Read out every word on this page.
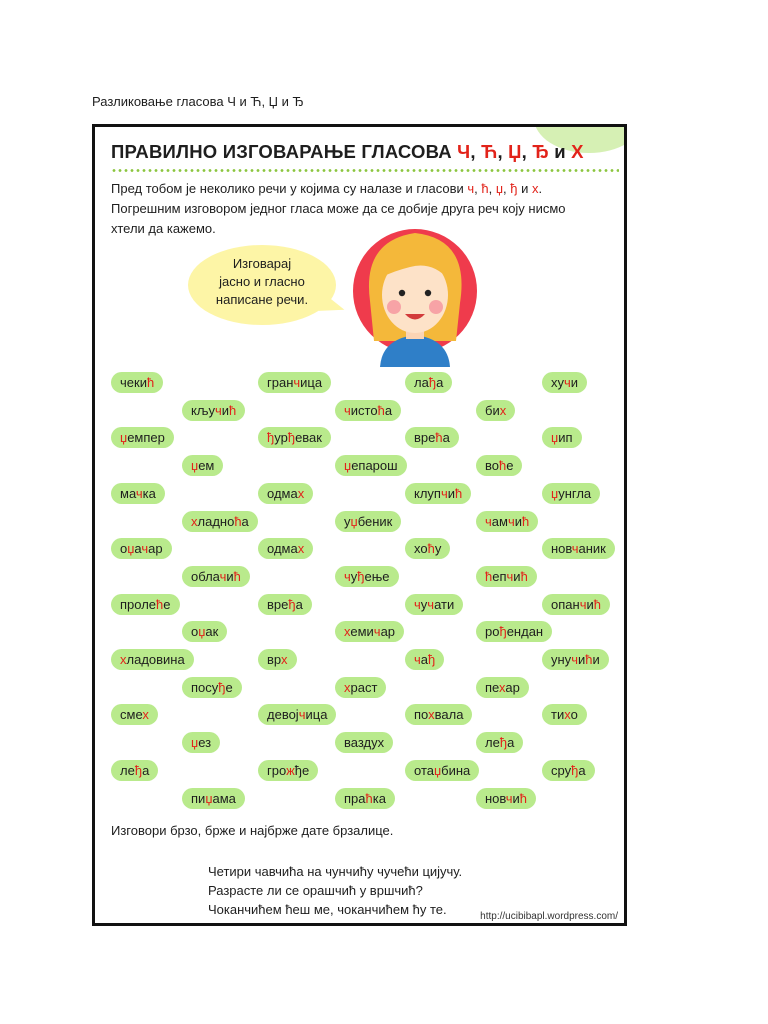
Разликовање гласова Ч и Ћ, Џ и Ђ
ПРАВИЛНО ИЗГОВАРАЊЕ ГЛАСОВА Ч, Ћ, Џ, Ђ и Х

Пред тобом је неколико речи у којима су налазе и гласови ч, ћ, џ, ђ и х.

Погрешним изговором једног гласа може да се добије друга реч коју нисмо

хтели да кажемо.

Изговарај
јасно и гласно
написане речи.
чекић	гранчица	лађа	хучи
кључић	чистоћа	бих
џемпер	ђурђевак	врећа	џип
џем	џепарош	воће
мачка	одмах	клупчић	џунгла
хладноћа	уџбеник	чамчић
оџачар	одмах	хоћу	новчаник
облачић	чуђење	ћепчић
пролеће	вређа	чучати	опанчић
оџак	хемичар	рођендан
хладовина	врх	чађ	унучићи
посуђе	храст	пехар
смех	девојчица	похвала	тихо
џез	ваздух	леђа
леђа	грожђе	отаџбина	сруђа
пиџама	праћка	новчић
Изговори брзо, брже и најбрже дате брзалице.
Четири чавчића на чунчићу чучећи цијучу.
Разрасте ли се орашчић у вршчић?
Чоканчићем ћеш ме, чоканчићем ћу те.	http://ucibibapl.wordpress.com/
